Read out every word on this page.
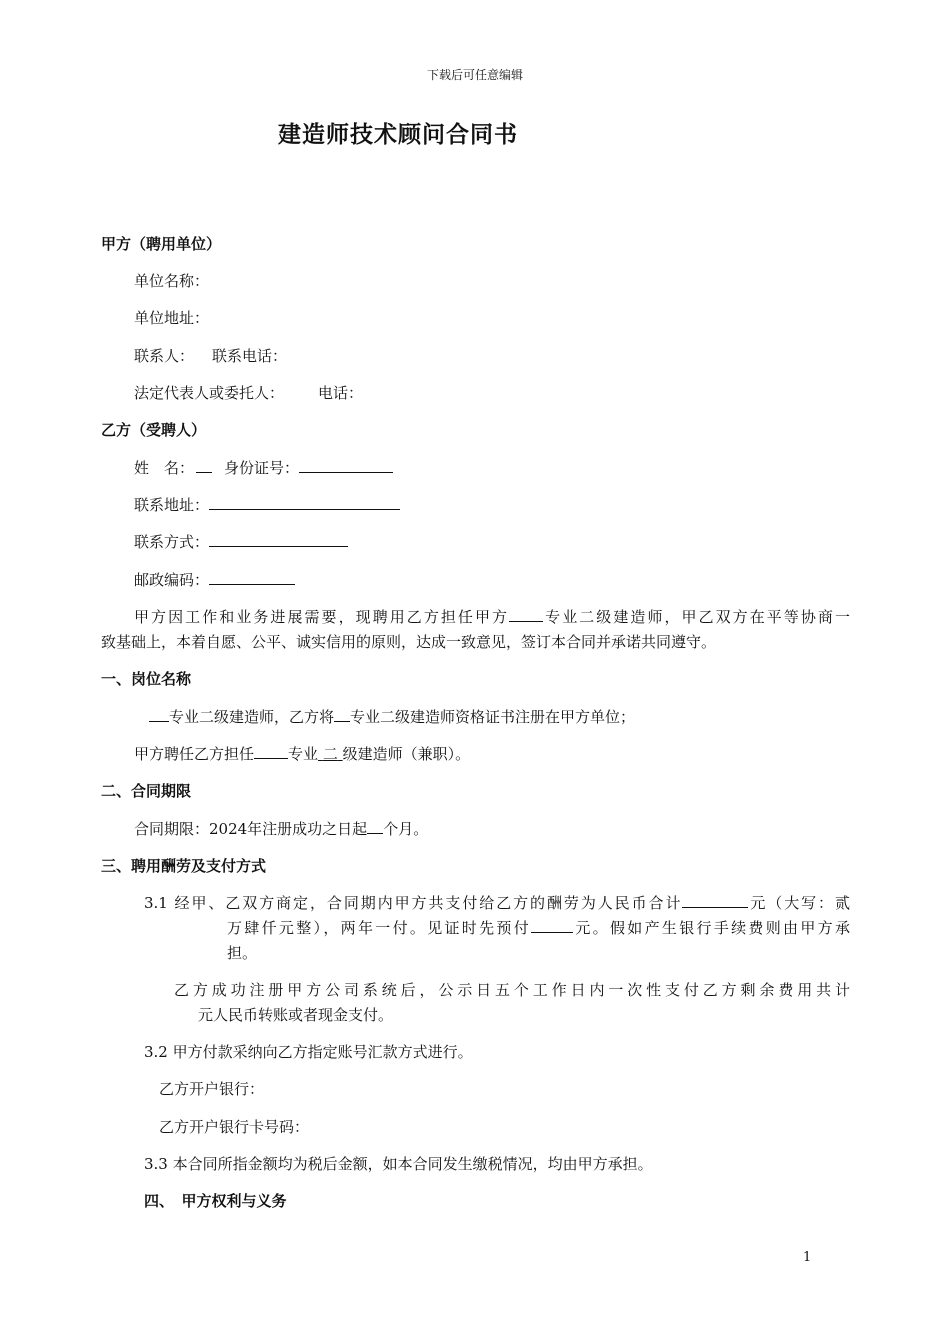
下载后可任意编辑
建造师技术顾问合同书
甲方（聘用单位）
单位名称：
单位地址：
联系人： 联系电话：
法定代表人或委托人： 电话：
乙方（受聘人）
姓　名： 身份证号：
联系地址：
联系方式：
邮政编码：
甲方因工作和业务进展需要，现聘用乙方担任甲方 专业二级建造师，甲乙双方在平等协商一
致基础上，本着自愿、公平、诚实信用的原则，达成一致意见，签订本合同并承诺共同遵守。
一、岗位名称
专业二级建造师，乙方将 专业二级建造师资格证书注册在甲方单位；
甲方聘任乙方担任 专业 二 级建造师（兼职）。
二、合同期限
合同期限：2024年注册成功之日起 个月。
三、聘用酬劳及支付方式
3.1 经甲、乙双方商定，合同期内甲方共支付给乙方的酬劳为人民币合计	元（大写：贰
万肆仟元整），两年一付。见证时先预付	元。假如产生银行手续费则由甲方承
担。
乙方成功注册甲方公司系统后，公示日五个工作日内一次性支付乙方剩余费用共计
元人民币转账或者现金支付。
3.2 甲方付款采纳向乙方指定账号汇款方式进行。
乙方开户银行：
乙方开户银行卡号码：
3.3 本合同所指金额均为税后金额，如本合同发生缴税情况，均由甲方承担。
四、　甲方权利与义务
1
